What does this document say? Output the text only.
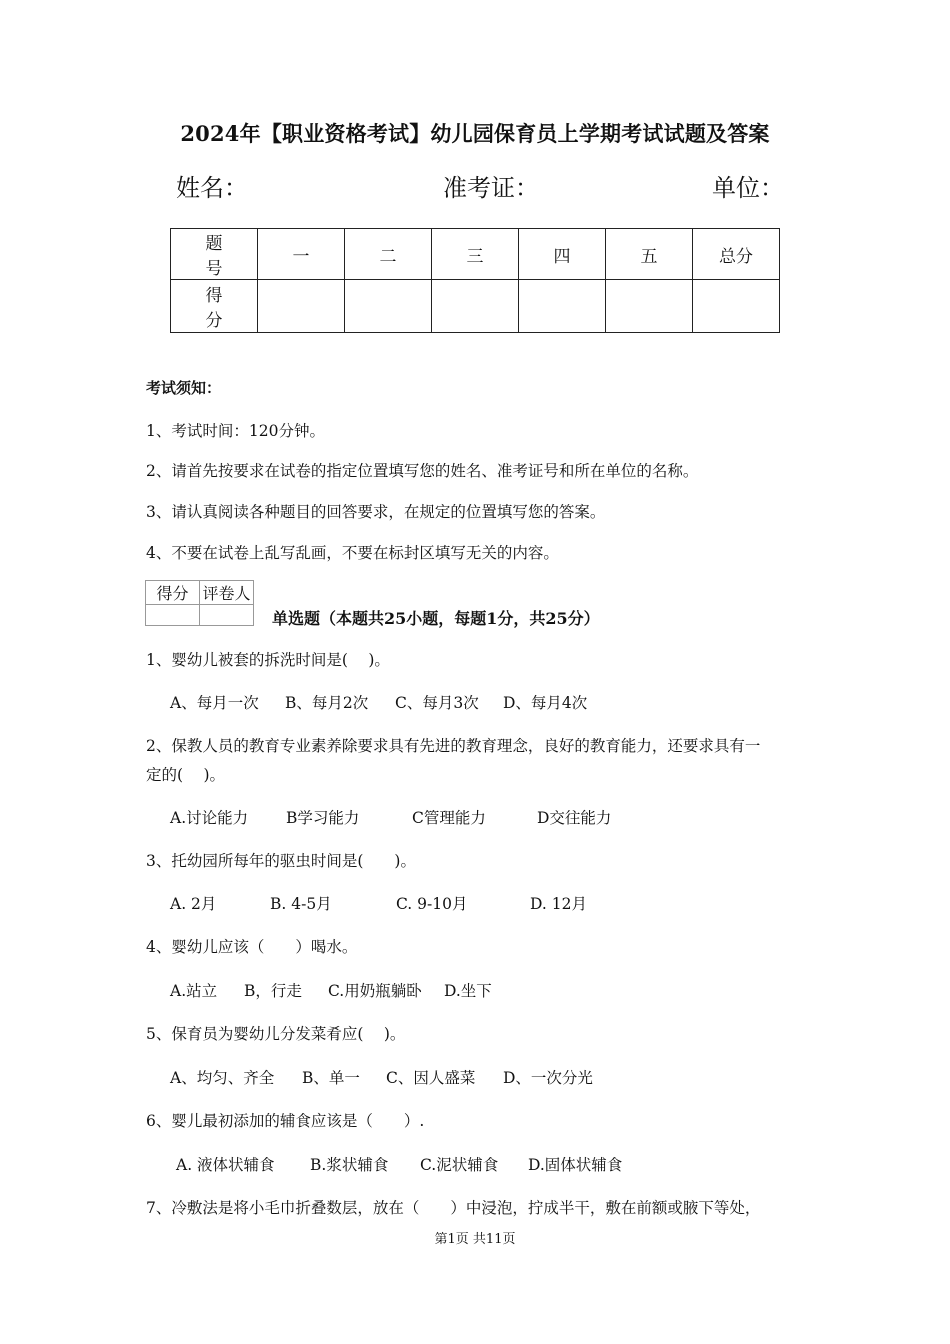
2024年【职业资格考试】幼儿园保育员上学期考试试题及答案
姓名：	准考证：	单位：
题 号	一	二	三	四	五	总分
得 分						
考试须知：
1、考试时间：120分钟。
2、请首先按要求在试卷的指定位置填写您的姓名、准考证号和所在单位的名称。
3、请认真阅读各种题目的回答要求，在规定的位置填写您的答案。
4、不要在试卷上乱写乱画，不要在标封区填写无关的内容。
得分	评卷人

单选题（本题共25小题，每题1分，共25分）
1、婴幼儿被套的拆洗时间是(　 )。
A、每月一次 B、每月2次 C、每月3次 D、每月4次
2、保教人员的教育专业素养除要求具有先进的教育理念，良好的教育能力，还要求具有一
定的(　 )。
A.讨论能力 B学习能力	C管理能力	D交往能力
3、托幼园所每年的驱虫时间是(　　)。
A. 2月	B. 4-5月	C. 9-10月	D. 12月
4、婴幼儿应该（　　）喝水。
A.站立 B，行走 C.用奶瓶躺卧 D.坐下
5、保育员为婴幼儿分发菜肴应(　 )。
A、均匀、齐全 B、单一 C、因人盛菜 D、一次分光
6、婴儿最初添加的辅食应该是（　　）.
A. 液体状辅食 B.浆状辅食 C.泥状辅食 D.固体状辅食
7、冷敷法是将小毛巾折叠数层，放在（　　）中浸泡，拧成半干，敷在前额或腋下等处，
第1页 共11页
